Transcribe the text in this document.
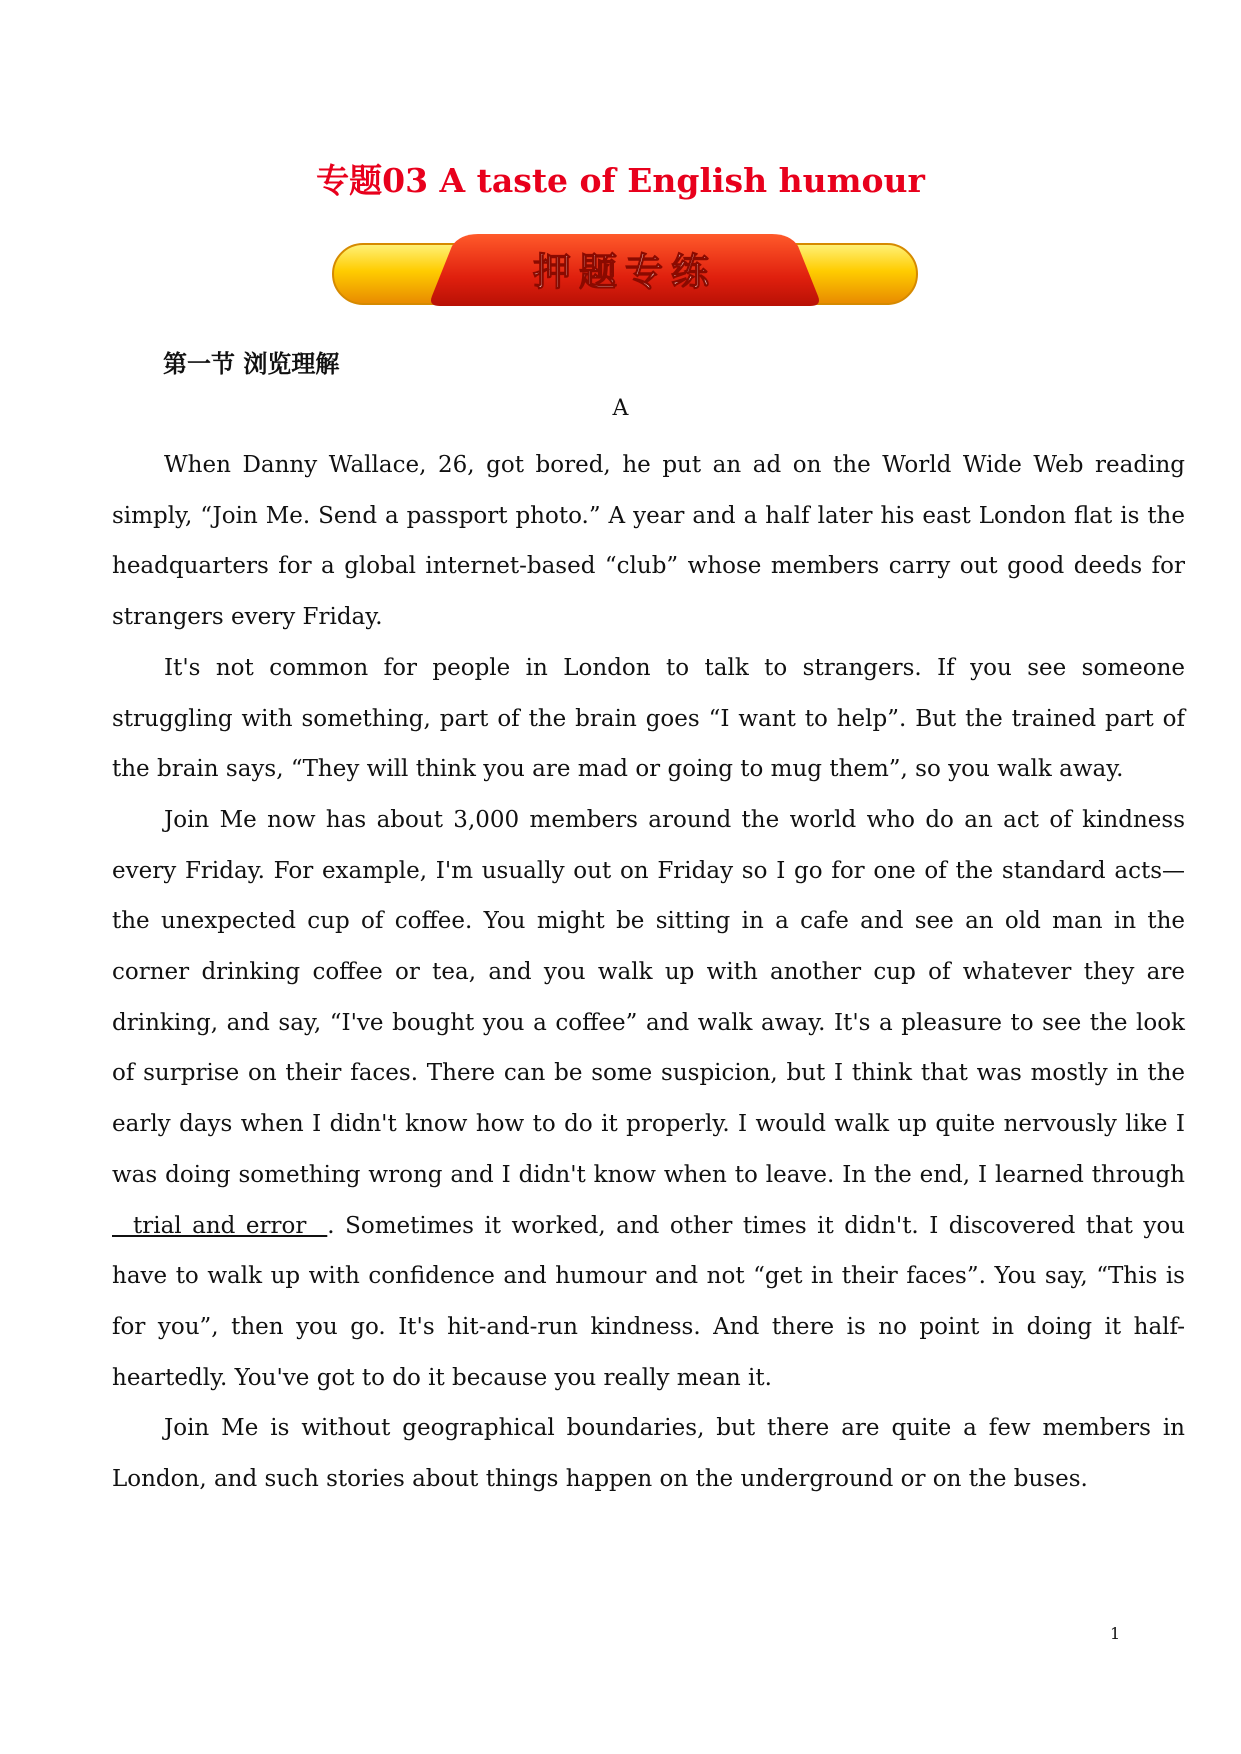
专题03 A taste of English humour
押题专练
第一节 浏览理解

A

When Danny Wallace, 26, got bored, he put an ad on the World Wide Web reading simply, “Join Me. Send a passport photo.” A year and a half later his east London flat is the headquarters for a global internet-based “club” whose members carry out good deeds for strangers every Friday.

It's not common for people in London to talk to strangers. If you see someone struggling with something, part of the brain goes “I want to help”. But the trained part of the brain says, “They will think you are mad or going to mug them”, so you walk away.

Join Me now has about 3,000 members around the world who do an act of kindness every Friday. For example, I'm usually out on Friday so I go for one of the standard acts—the unexpected cup of coffee. You might be sitting in a cafe and see an old man in the corner drinking coffee or tea, and you walk up with another cup of whatever they are drinking, and say, “I've bought you a coffee” and walk away. It's a pleasure to see the look of surprise on their faces. There can be some suspicion, but I think that was mostly in the early days when I didn't know how to do it properly. I would walk up quite nervously like I was doing something wrong and I didn't know when to leave. In the end, I learned through   trial and error  . Sometimes it worked, and other times it didn't. I discovered that you have to walk up with confidence and humour and not “get in their faces”. You say, “This is for you”, then you go. It's hit-and-run kindness. And there is no point in doing it half-heartedly. You've got to do it because you really mean it.

Join Me is without geographical boundaries, but there are quite a few members in London, and such stories about things happen on the underground or on the buses.

1
